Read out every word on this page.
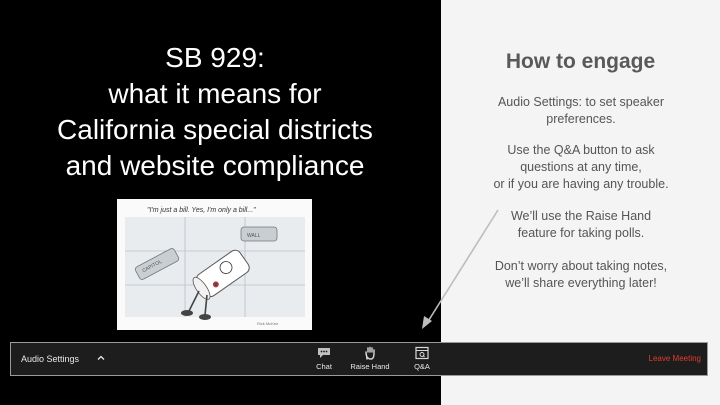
SB 929:
what it means for
California special districts
and website compliance
CAPITOL
WALL
"I'm just a bill. Yes, I'm only a bill..."
Rick McKee
How to engage
Audio Settings: to set speaker
preferences.
Use the Q&A button to ask
questions at any time,
or if you are having any trouble.
We’ll use the Raise Hand
feature for taking polls.
Don’t worry about taking notes,
we’ll share everything later!
Audio Settings
Chat	Raise Hand	Q&A
Leave Meeting
